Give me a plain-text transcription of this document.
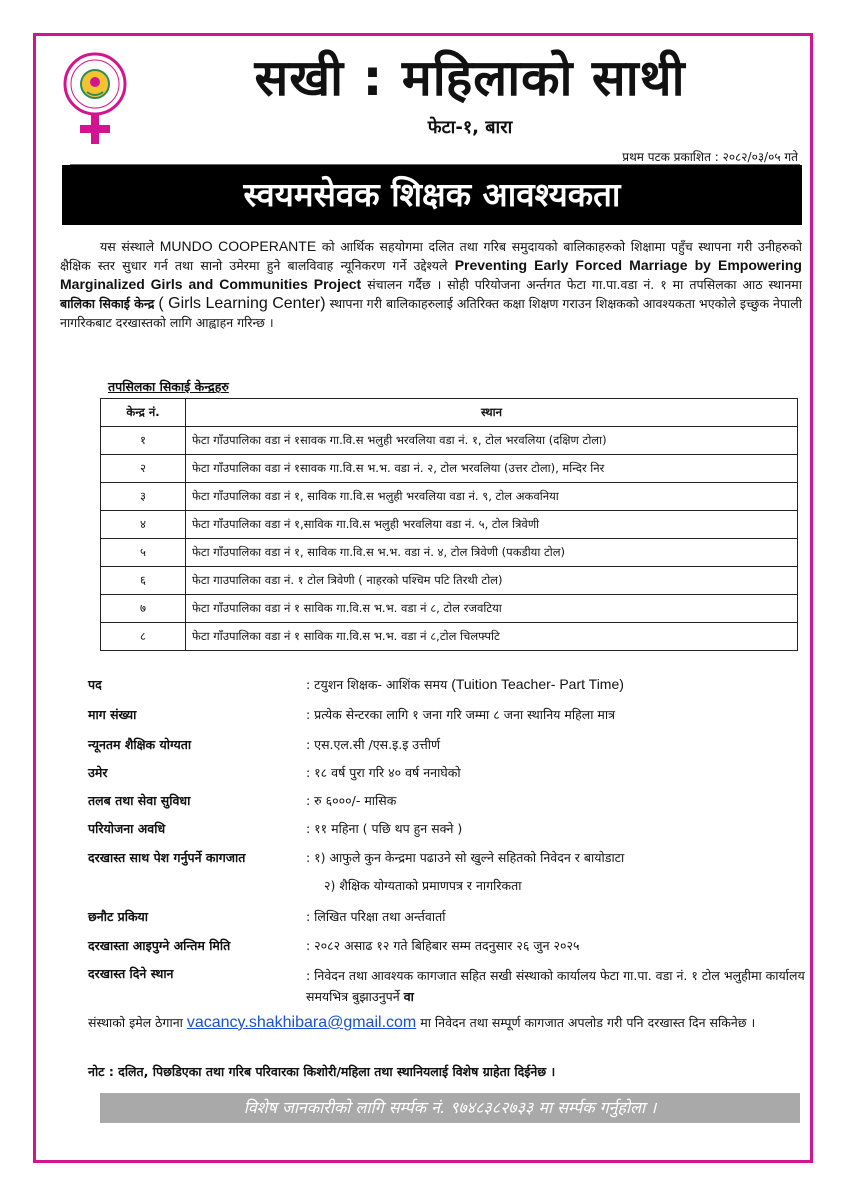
सखी : महिलाको साथी
फेटा-१, बारा
प्रथम पटक प्रकाशित : २०८२/०३/०५ गते
स्वयमसेवक शिक्षक आवश्यकता

यस संस्थाले MUNDO COOPERANTE को आर्थिक सहयोगमा दलित तथा गरिब समुदायको बालिकाहरुको शिक्षामा पहुँच स्थापना गरी उनीहरुको क्षैक्षिक स्तर सुधार गर्न तथा सानो उमेरमा हुने बालविवाह न्यूनिकरण गर्ने उद्देश्यले Preventing Early Forced Marriage by Empowering Marginalized Girls and Communities Project संचालन गर्दैछ । सोही परियोजना अर्न्तगत फेटा गा.पा.वडा नं. १ मा तपसिलका आठ स्थानमा बालिका सिकाई केन्द्र ( Girls Learning Center) स्थापना गरी बालिकाहरुलाई अतिरिक्त कक्षा शिक्षण गराउन शिक्षकको आवश्यकता भएकोले इच्छुक नेपाली नागरिकबाट दरखास्तको लागि आह्वाहन गरिन्छ ।

तपसिलका सिकाई केन्द्रहरु
केन्द्र नं.	स्थान
१	फेटा गाँउपालिका वडा नं १सावक गा.वि.स भलुही भरवलिया वडा नं. १, टोल भरवलिया (दक्षिण टोला)
२	फेटा गाँउपालिका वडा नं १सावक गा.वि.स भ.भ. वडा नं. २, टोल भरवलिया (उत्तर टोला), मन्दिर निर
३	फेटा गाँउपालिका वडा नं १, साविक गा.वि.स भलुही भरवलिया वडा नं. ९, टोल अकवनिया
४	फेटा गाँउपालिका वडा नं १,साविक गा.वि.स भलुही भरवलिया वडा नं. ५, टोल त्रिवेणी
५	फेटा गाँउपालिका वडा नं १, साविक गा.वि.स भ.भ. वडा नं. ४, टोल त्रिवेणी (पकडीया टोल)
६	फेटा गाउपालिका वडा नं. १ टोल त्रिवेणी ( नाहरको पश्चिम पटि तिरथी टोल)
७	फेटा गाँउपालिका वडा नं १ साविक गा.वि.स भ.भ. वडा नं ८, टोल रजवटिया
८	फेटा गाँउपालिका वडा नं १ साविक गा.वि.स भ.भ. वडा नं ८,टोल चिलफ्पटि
पद	: टयुशन शिक्षक- आशिंक समय (Tuition Teacher- Part Time)
माग संख्या	: प्रत्येक सेन्टरका लागि १ जना गरि जम्मा ८ जना स्थानिय महिला मात्र
न्यूनतम शैक्षिक योग्यता	: एस.एल.सी /एस.इ.इ उत्तीर्ण
उमेर	: १८ वर्ष पुरा गरि ४० वर्ष ननाघेको
तलब तथा सेवा सुविधा	: रु ६०००/- मासिक
परियोजना अवधि	: ११ महिना ( पछि थप हुन सक्ने )
दरखास्त साथ पेश गर्नुपर्ने कागजात	: १) आफुले कुन केन्द्रमा पढाउने सो खुल्ने सहितको निवेदन र बायोडाटा
२) शैक्षिक योग्यताको प्रमाणपत्र र नागरिकता
छनौट प्रकिया	: लिखित परिक्षा तथा अर्न्तवार्ता
दरखास्ता आइपुग्ने अन्तिम मिति	: २०८२ असाढ १२ गते बिहिबार सम्म तदनुसार २६ जुन २०२५
दरखास्त दिने स्थान	: निवेदन तथा आवश्यक कागजात सहित सखी संस्थाको कार्यालय फेटा गा.पा. वडा नं. १ टोल भलुहीमा कार्यालय समयभित्र बुझाउनुपर्ने वा
संस्थाको इमेल ठेगाना vacancy.shakhibara@gmail.com मा निवेदन तथा सम्पूर्ण कागजात अपलोड गरी पनि दरखास्त दिन सकिनेछ ।
नोट : दलित, पिछडिएका तथा गरिब परिवारका किशोरी/महिला तथा स्थानियलाई विशेष ग्राहेता दिईनेछ ।
विशेष जानकारीको लागि सर्म्पक नं. ९७४८३८२७३३ मा सर्म्पक गर्नुहोला ।
